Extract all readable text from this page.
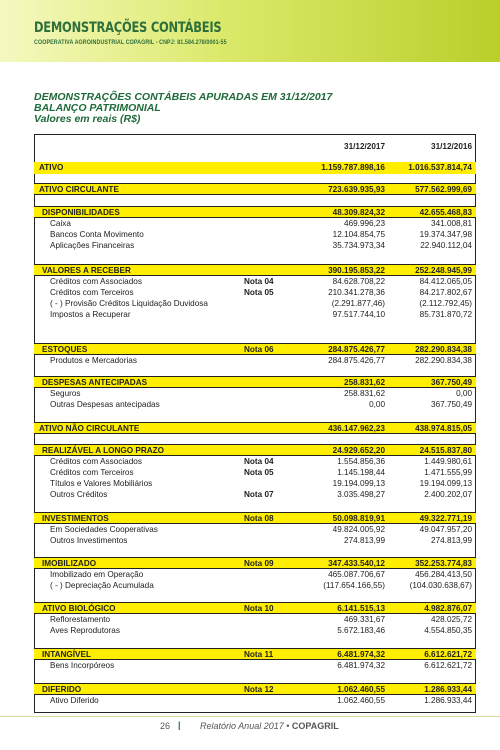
DEMONSTRAÇÕES CONTÁBEIS
COOPERATIVA AGROINDUSTRIAL COPAGRIL - CNPJ: 81.584.278/0001-55
DEMONSTRAÇÕES CONTÁBEIS APURADAS EM 31/12/2017
BALANÇO PATRIMONIAL
Valores em reais (R$)
31/12/2017	31/12/2016
ATIVO	1.159.787.898,16	1.016.537.814,74
ATIVO CIRCULANTE	723.639.935,93	577.562.999,69
DISPONIBILIDADES	48.309.824,32	42.655.468,83
Caixa	469.996,23	341.008,81
Bancos Conta Movimento	12.104.854,75	19.374.347,98
Aplicações Financeiras	35.734.973,34	22.940.112,04
VALORES A RECEBER	390.195.853,22	252.248.945,99
Créditos com Associados	Nota 04	84.628.708,22	84.412.065,05
Créditos com Terceiros	Nota 05	210.341.278,36	84.217.802,67
( - ) Provisão Créditos Liquidação Duvidosa	(2.291.877,46)	(2.112.792,45)
Impostos a Recuperar	97.517.744,10	85.731.870,72
ESTOQUES	Nota 06	284.875.426,77	282.290.834,38
Produtos e Mercadorias	284.875.426,77	282.290.834,38
DESPESAS ANTECIPADAS	258.831,62	367.750,49
Seguros	258.831,62	0,00
Outras Despesas antecipadas	0,00	367.750,49
ATIVO NÃO CIRCULANTE	436.147.962,23	438.974.815,05
REALIZÁVEL A LONGO PRAZO	24.929.652,20	24.515.837,80
Créditos com Associados	Nota 04	1.554.856,36	1.449.980,61
Créditos com Terceiros	Nota 05	1.145.198,44	1.471.555,99
Títulos e Valores Mobiliários	19.194.099,13	19.194.099,13
Outros Créditos	Nota 07	3.035.498,27	2.400.202,07
INVESTIMENTOS	Nota 08	50.098.819,91	49.322.771,19
Em Sociedades Cooperativas	49.824.005,92	49.047.957,20
Outros Investimentos	274.813,99	274.813,99
IMOBILIZADO	Nota 09	347.433.540,12	352.253.774,83
Imobilizado em Operação	465.087.706,67	456.284.413,50
( - ) Depreciação Acumulada	(117.654.166,55)	(104.030.638,67)
ATIVO BIOLÓGICO	Nota 10	6.141.515,13	4.982.876,07
Reflorestamento	469.331,67	428.025,72
Aves Reprodutoras	5.672.183,46	4.554.850,35
INTANGÍVEL	Nota 11	6.481.974,32	6.612.621,72
Bens Incorpóreos	6.481.974,32	6.612.621,72
DIFERIDO	Nota 12	1.062.460,55	1.286.933,44
Ativo Diferido	1.062.460,55	1.286.933,44
26 | Relatório Anual 2017 • COPAGRIL
